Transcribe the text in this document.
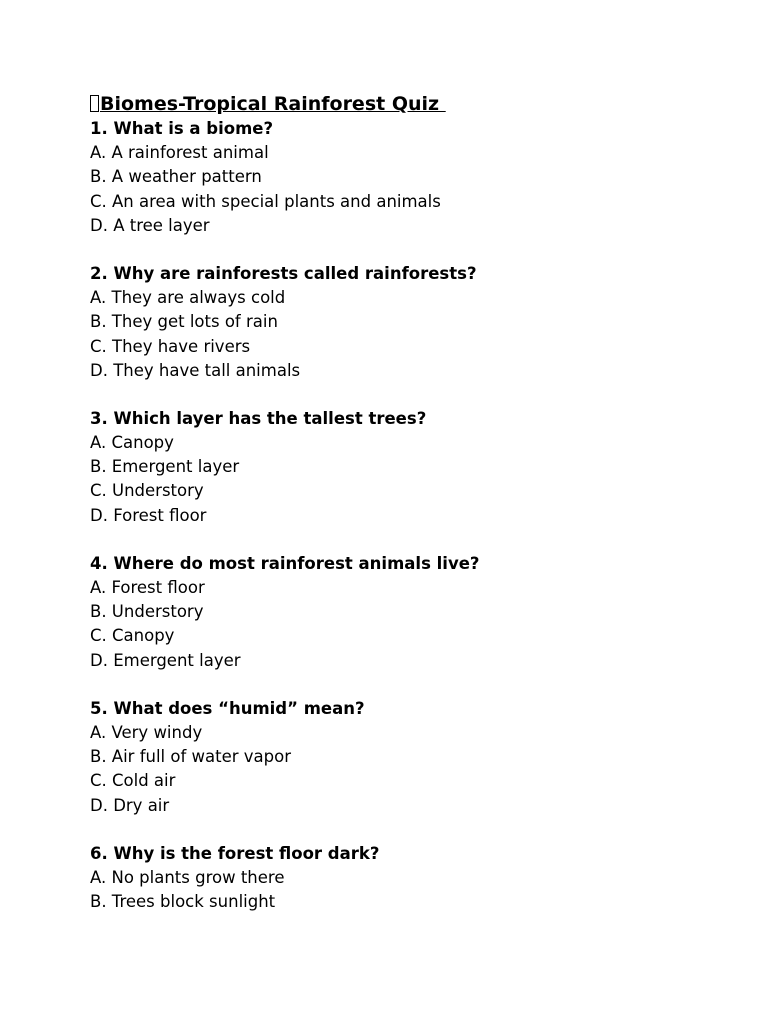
Biomes-Tropical Rainforest Quiz
1. What is a biome?
A. A rainforest animal
B. A weather pattern
C. An area with special plants and animals
D. A tree layer
2. Why are rainforests called rainforests?
A. They are always cold
B. They get lots of rain
C. They have rivers
D. They have tall animals
3. Which layer has the tallest trees?
A. Canopy
B. Emergent layer
C. Understory
D. Forest floor
4. Where do most rainforest animals live?
A. Forest floor
B. Understory
C. Canopy
D. Emergent layer
5. What does “humid” mean?
A. Very windy
B. Air full of water vapor
C. Cold air
D. Dry air
6. Why is the forest floor dark?
A. No plants grow there
B. Trees block sunlight
